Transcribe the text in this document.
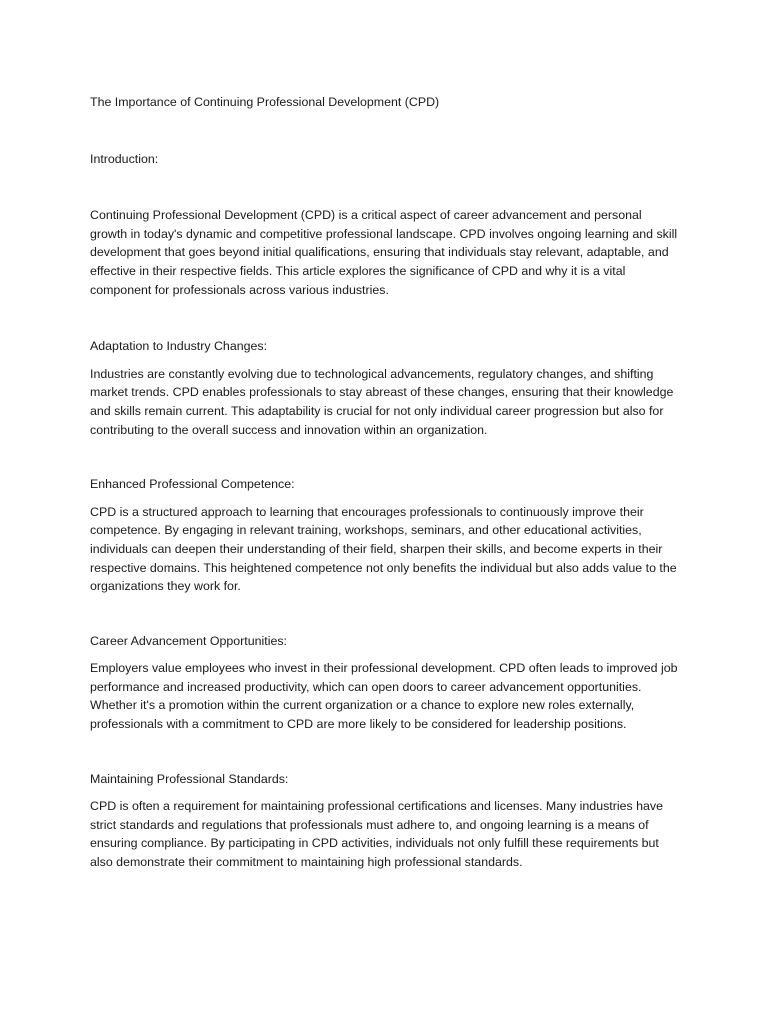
The Importance of Continuing Professional Development (CPD)

Introduction:

Continuing Professional Development (CPD) is a critical aspect of career advancement and personal growth in today's dynamic and competitive professional landscape. CPD involves ongoing learning and skill development that goes beyond initial qualifications, ensuring that individuals stay relevant, adaptable, and effective in their respective fields. This article explores the significance of CPD and why it is a vital component for professionals across various industries.

Adaptation to Industry Changes:

Industries are constantly evolving due to technological advancements, regulatory changes, and shifting market trends. CPD enables professionals to stay abreast of these changes, ensuring that their knowledge and skills remain current. This adaptability is crucial for not only individual career progression but also for contributing to the overall success and innovation within an organization.

Enhanced Professional Competence:

CPD is a structured approach to learning that encourages professionals to continuously improve their competence. By engaging in relevant training, workshops, seminars, and other educational activities, individuals can deepen their understanding of their field, sharpen their skills, and become experts in their respective domains. This heightened competence not only benefits the individual but also adds value to the organizations they work for.

Career Advancement Opportunities:

Employers value employees who invest in their professional development. CPD often leads to improved job performance and increased productivity, which can open doors to career advancement opportunities. Whether it's a promotion within the current organization or a chance to explore new roles externally, professionals with a commitment to CPD are more likely to be considered for leadership positions.

Maintaining Professional Standards:

CPD is often a requirement for maintaining professional certifications and licenses. Many industries have strict standards and regulations that professionals must adhere to, and ongoing learning is a means of ensuring compliance. By participating in CPD activities, individuals not only fulfill these requirements but also demonstrate their commitment to maintaining high professional standards.
